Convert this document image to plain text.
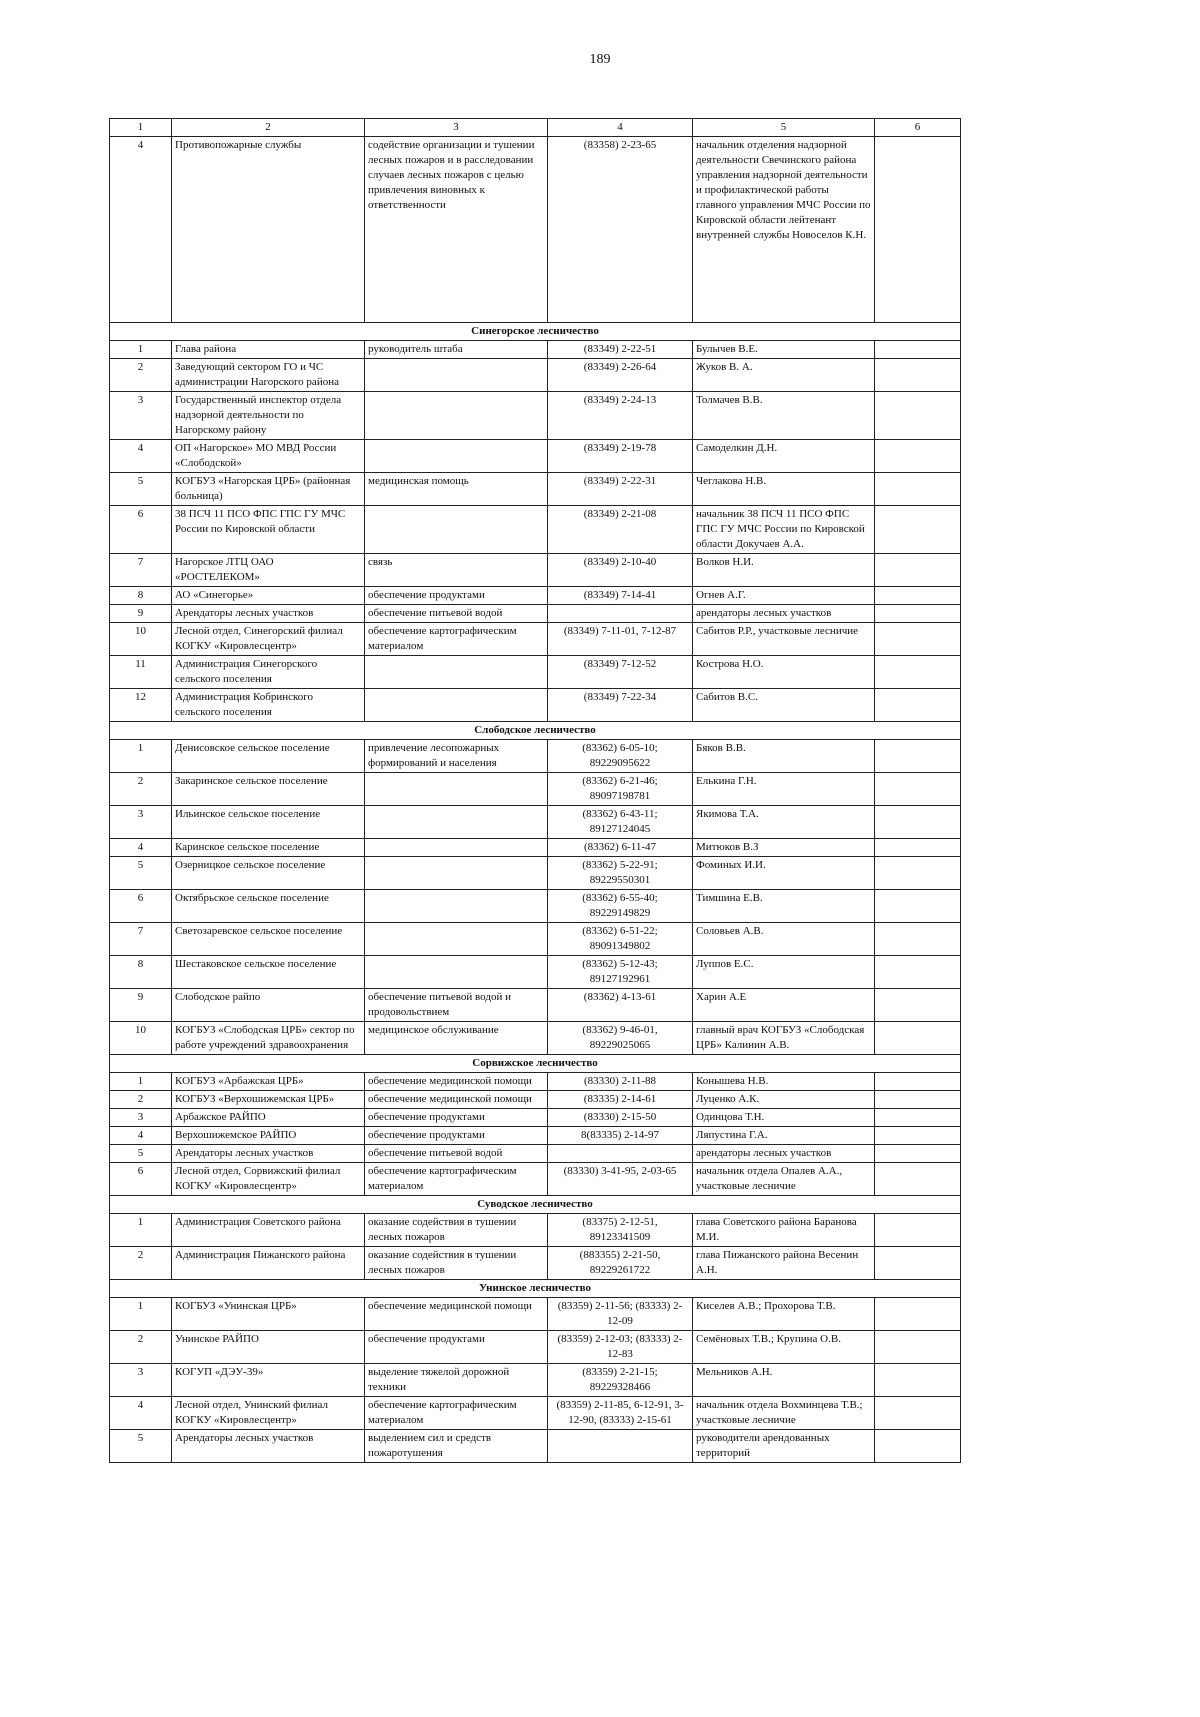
189
1	2	3	4	5	6
4	Противопожарные службы	содействие организации и тушении лесных пожаров и в расследовании случаев лесных пожаров с целью привлечения виновных к ответственности	(83358) 2-23-65	начальник отделения надзорной деятельности Свечинского района управления надзорной деятельности и профилактической работы главного управления МЧС России по Кировской области лейтенант внутренней службы Новоселов К.Н.	
Синегорское лесничество					
1	Глава района	руководитель штаба	(83349) 2-22-51	Булычев В.Е.	
2	Заведующий сектором ГО и ЧС администрации Нагорского района		(83349) 2-26-64	Жуков В. А.	
3	Государственный инспектор отдела надзорной деятельности по Нагорскому району		(83349) 2-24-13	Толмачев В.В.	
4	ОП «Нагорское» МО МВД России «Слободской»		(83349) 2-19-78	Самоделкин Д.Н.	
5	КОГБУЗ «Нагорская ЦРБ» (районная больница)	медицинская помощь	(83349) 2-22-31	Чеглакова Н.В.	
6	38 ПСЧ 11 ПСО ФПС ГПС ГУ МЧС России по Кировской области		(83349) 2-21-08	начальник 38 ПСЧ 11 ПСО ФПС ГПС ГУ МЧС России по Кировской области Докучаев А.А.	
7	Нагорское ЛТЦ ОАО «РОСТЕЛЕКОМ»	связь	(83349) 2-10-40	Волков Н.И.	
8	АО «Синегорье»	обеспечение продуктами	(83349) 7-14-41	Огнев А.Г.	
9	Арендаторы лесных участков	обеспечение питьевой водой		арендаторы лесных участков	
10	Лесной отдел, Синегорский филиал КОГКУ «Кировлесцентр»	обеспечение картографическим материалом	(83349) 7-11-01, 7-12-87	Сабитов Р.Р., участковые лесничие	
11	Администрация Синегорского сельского поселения		(83349) 7-12-52	Кострова Н.О.	
12	Администрация Кобринского сельского поселения		(83349) 7-22-34	Сабитов В.С.	
Слободское лесничество					
1	Денисовское сельское поселение	привлечение лесопожарных формирований и населения	(83362) 6-05-10; 89229095622	Бяков В.В.	
2	Закаринское сельское поселение		(83362) 6-21-46; 89097198781	Елькина Г.Н.	
3	Ильинское сельское поселение		(83362) 6-43-11; 89127124045	Якимова Т.А.	
4	Каринское сельское поселение		(83362) 6-11-47	Митюков В.З	
5	Озерницкое сельское поселение		(83362) 5-22-91; 89229550301	Фоминых И.И.	
6	Октябрьское сельское поселение		(83362) 6-55-40; 89229149829	Тимшина Е.В.	
7	Светозаревское сельское поселение		(83362) 6-51-22; 89091349802	Соловьев А.В.	
8	Шестаковское сельское поселение		(83362) 5-12-43; 89127192961	Луппов Е.С.	
9	Слободское райпо	обеспечение питьевой водой и продовольствием	(83362) 4-13-61	Харин А.Е	
10	КОГБУЗ «Слободская ЦРБ» сектор по работе учреждений здравоохранения	медицинское обслуживание	(83362) 9-46-01, 89229025065	главный врач КОГБУЗ «Слободская ЦРБ» Калинин А.В.	
Сорвижское лесничество					
1	КОГБУЗ «Арбажская ЦРБ»	обеспечение медицинской помощи	(83330) 2-11-88	Конышева Н.В.	
2	КОГБУЗ «Верхошижемская ЦРБ»	обеспечение медицинской помощи	(83335) 2-14-61	Луценко А.К.	
3	Арбажское РАЙПО	обеспечение продуктами	(83330) 2-15-50	Одинцова Т.Н.	
4	Верхошижемское РАЙПО	обеспечение продуктами	8(83335) 2-14-97	Ляпустина Г.А.	
5	Арендаторы лесных участков	обеспечение питьевой водой		арендаторы лесных участков	
6	Лесной отдел, Сорвижский филиал КОГКУ «Кировлесцентр»	обеспечение картографическим материалом	(83330) 3-41-95, 2-03-65	начальник отдела Опалев А.А., участковые лесничие	
Суводское лесничество					
1	Администрация Советского района	оказание содействия в тушении лесных пожаров	(83375) 2-12-51, 89123341509	глава Советского района Баранова М.И.	
2	Администрация Пижанского района	оказание содействия в тушении лесных пожаров	(883355) 2-21-50, 89229261722	глава Пижанского района Весенин А.Н.	
Унинское лесничество					
1	КОГБУЗ «Унинская ЦРБ»	обеспечение медицинской помощи	(83359) 2-11-56; (83333) 2-12-09	Киселев А.В.; Прохорова Т.В.	
2	Унинское РАЙПО	обеспечение продуктами	(83359) 2-12-03; (83333) 2-12-83	Семёновых Т.В.; Крупина О.В.	
3	КОГУП «ДЭУ-39»	выделение тяжелой дорожной техники	(83359) 2-21-15; 89229328466	Мельников А.Н.	
4	Лесной отдел, Унинский филиал КОГКУ «Кировлесцентр»	обеспечение картографическим материалом	(83359) 2-11-85, 6-12-91, 3-12-90, (83333) 2-15-61	начальник отдела Вохминцева Т.В.; участковые лесничие	
5	Арендаторы лесных участков	выделением сил и средств пожаротушения		руководители арендованных территорий	
